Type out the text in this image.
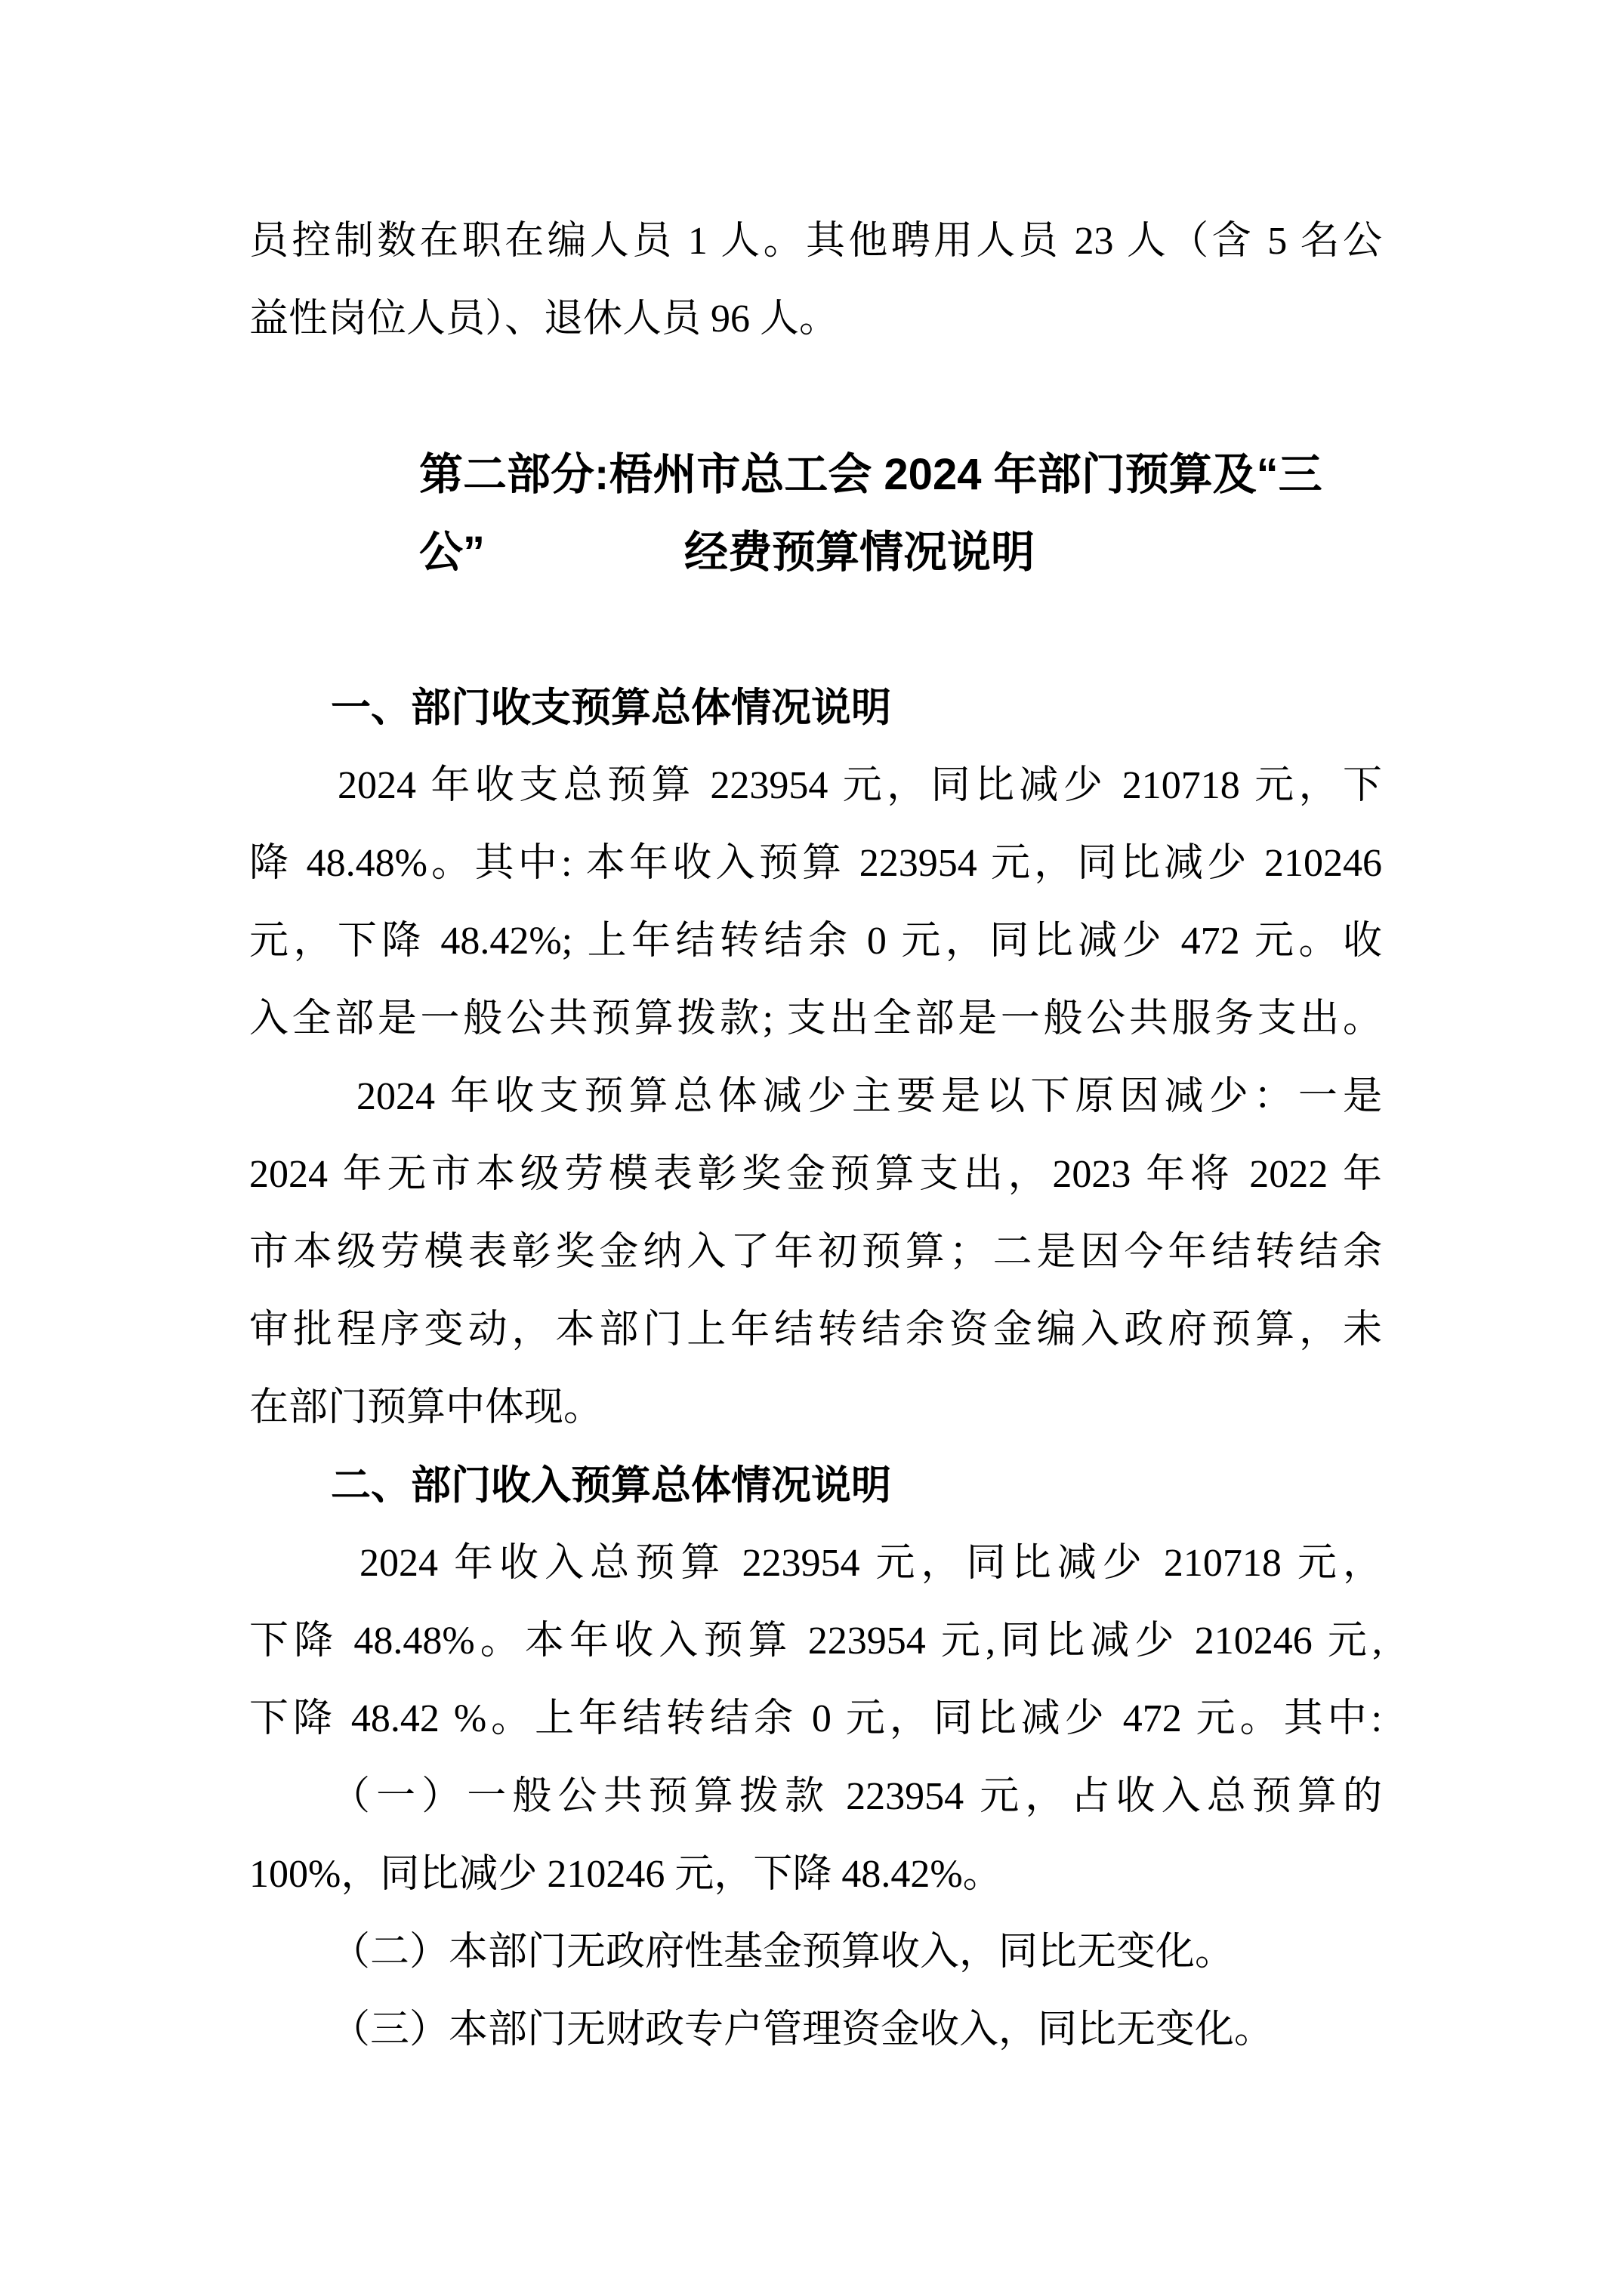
员控制数在职在编人员 1 人。其他聘用人员 23 人（含 5 名公
益性岗位人员）、退休人员 96 人。
第二部分:梧州市总工会 2024 年部门预算及“三公”	经费预算情况说明
一、部门收支预算总体情况说明
2024 年收支总预算 223954 元，同比减少 210718 元，下
降 48.48%。其中: 本年收入预算 223954 元，同比减少 210246
元，下降 48.42%; 上年结转结余 0 元，同比减少 472 元。收
入全部是一般公共预算拨款; 支出全部是一般公共服务支出。
2024 年收支预算总体减少主要是以下原因减少：一是
2024 年无市本级劳模表彰奖金预算支出，2023 年将 2022 年
市本级劳模表彰奖金纳入了年初预算；二是因今年结转结余
审批程序变动，本部门上年结转结余资金编入政府预算，未
在部门预算中体现。
二、部门收入预算总体情况说明
2024 年收入总预算 223954 元，同比减少 210718 元，
下降 48.48%。本年收入预算 223954 元,同比减少 210246 元,
下降 48.42 %。上年结转结余 0 元，同比减少 472 元。其中:
（一）一般公共预算拨款 223954 元，占收入总预算的
100%，同比减少 210246 元，下降 48.42%。
（二）本部门无政府性基金预算收入，同比无变化。
（三）本部门无财政专户管理资金收入，同比无变化。
